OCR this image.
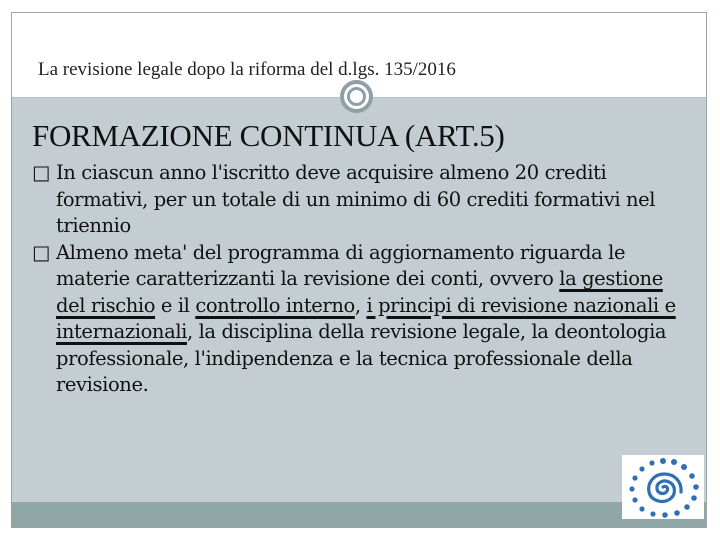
La revisione legale dopo la riforma del d.lgs. 135/2016
FORMAZIONE CONTINUA (ART.5)

□ In ciascun anno l'iscritto deve acquisire almeno 20 crediti formativi, per un totale di un minimo di 60 crediti formativi nel triennio

□ Almeno meta' del programma di aggiornamento riguarda le materie caratterizzanti la revisione dei conti, ovvero la gestione del rischio e il controllo interno, i principi di revisione nazionali e internazionali, la disciplina della revisione legale, la deontologia professionale, l'indipendenza e la tecnica professionale della revisione.
